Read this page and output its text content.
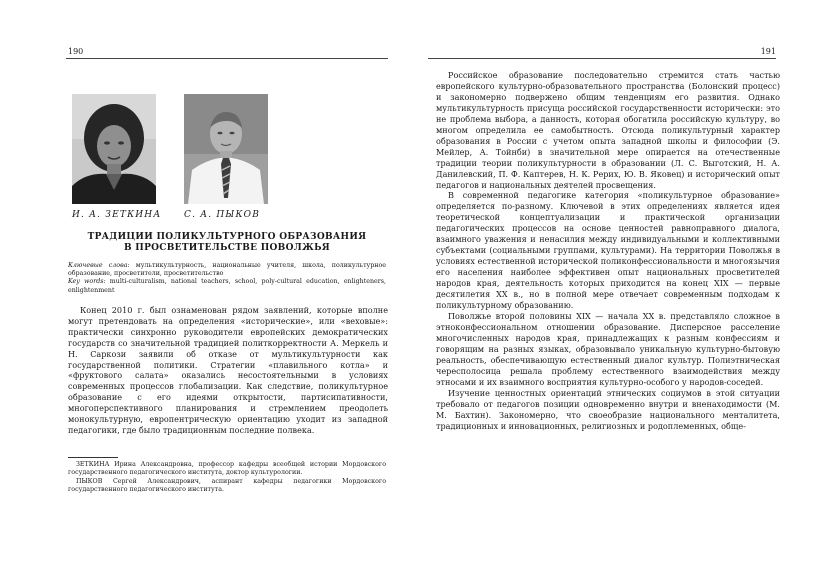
190
И. А. ЗЕТКИНА	С. А. ПЫКОВ
ТРАДИЦИИ ПОЛИКУЛЬТУРНОГО ОБРАЗОВАНИЯ
В ПРОСВЕТИТЕЛЬСТВЕ ПОВОЛЖЬЯ
Ключевые слова: мультикультурность, национальные учителя, школа, поликультурное образование, просветители, просветительство
Key words: multi-culturalism, national teachers, school, poly-cultural education, enlighteners, enlightenment

Конец 2010 г. был ознаменован рядом заявлений, которые вполне могут претендовать на определения «исторические», или «веховые»: практически синхронно руководители европейских демократических государств со значительной традицией политкорректности А. Меркель и Н. Саркози заявили об отказе от мультикультурности как государственной политики. Стратегии «плавильного котла» и «фруктового салата» оказались несостоятельными в условиях современных процессов глобализации. Как следствие, поликультурное образование с его идеями открытости, партисипативности, многоперспективного планирования и стремлением преодолеть монокультурную, европентрическую ориентацию уходит из западной педагогики, где было традиционным последние полвека.

ЗЕТКИНА Ирина Александровна, профессор кафедры всеобщей истории Мордовского государственного педагогического института, доктор культурологии.

ПЫКОВ Сергей Александрович, аспирант кафедры педагогики Мордовского государственного педагогического института.

191

Российское образование последовательно стремится стать частью европейского культурно-образовательного пространства (Болонский процесс) и закономерно подвержено общим тенденциям его развития. Однако мультикультурность присуща российской государственности исторически: это не проблема выбора, а данность, которая обогатила российскую культуру, во многом определила ее самобытность. Отсюда поликультурный характер образования в России с учетом опыта западной школы и философии (Э. Мейлер, А. Тойнби) в значительной мере опирается на отечественные традиции теории поликультурности в образовании (Л. С. Выготский, Н. А. Данилевский, П. Ф. Каптерев, Н. К. Рерих, Ю. В. Яковец) и исторический опыт педагогов и национальных деятелей просвещения.

В современной педагогике категория «поликультурное образование» определяется по-разному. Ключевой в этих определениях является идея теоретической концептуализации и практической организации педагогических процессов на основе ценностей равноправного диалога, взаимного уважения и ненасилия между индивидуальными и коллективными субъектами (социальными группами, культурами). На территории Поволжья в условиях естественной исторической поликонфессиональности и многоязычия его населения наиболее эффективен опыт национальных просветителей народов края, деятельность которых приходится на конец XIX — первые десятилетия XX в., но в полной мере отвечает современным подходам к поликультурному образованию.

Поволжье второй половины XIX — начала XX в. представляло сложное в этноконфессиональном отношении образование. Дисперсное расселение многочисленных народов края, принадлежащих к разным конфессиям и говорящим на разных языках, образовывало уникальную культурно-бытовую реальность, обеспечивающую естественный диалог культур. Полиэтническая чересполосица решала проблему естественного взаимодействия между этносами и их взаимного восприятия культурно-особого у народов-соседей.

Изучение ценностных ориентаций этнических социумов в этой ситуации требовало от педагогов позиции одновременно внутри и вненаходимости (М. М. Бахтин). Закономерно, что своеобразие национального менталитета, традиционных и инновационных, религиозных и родоплеменных, обще-
